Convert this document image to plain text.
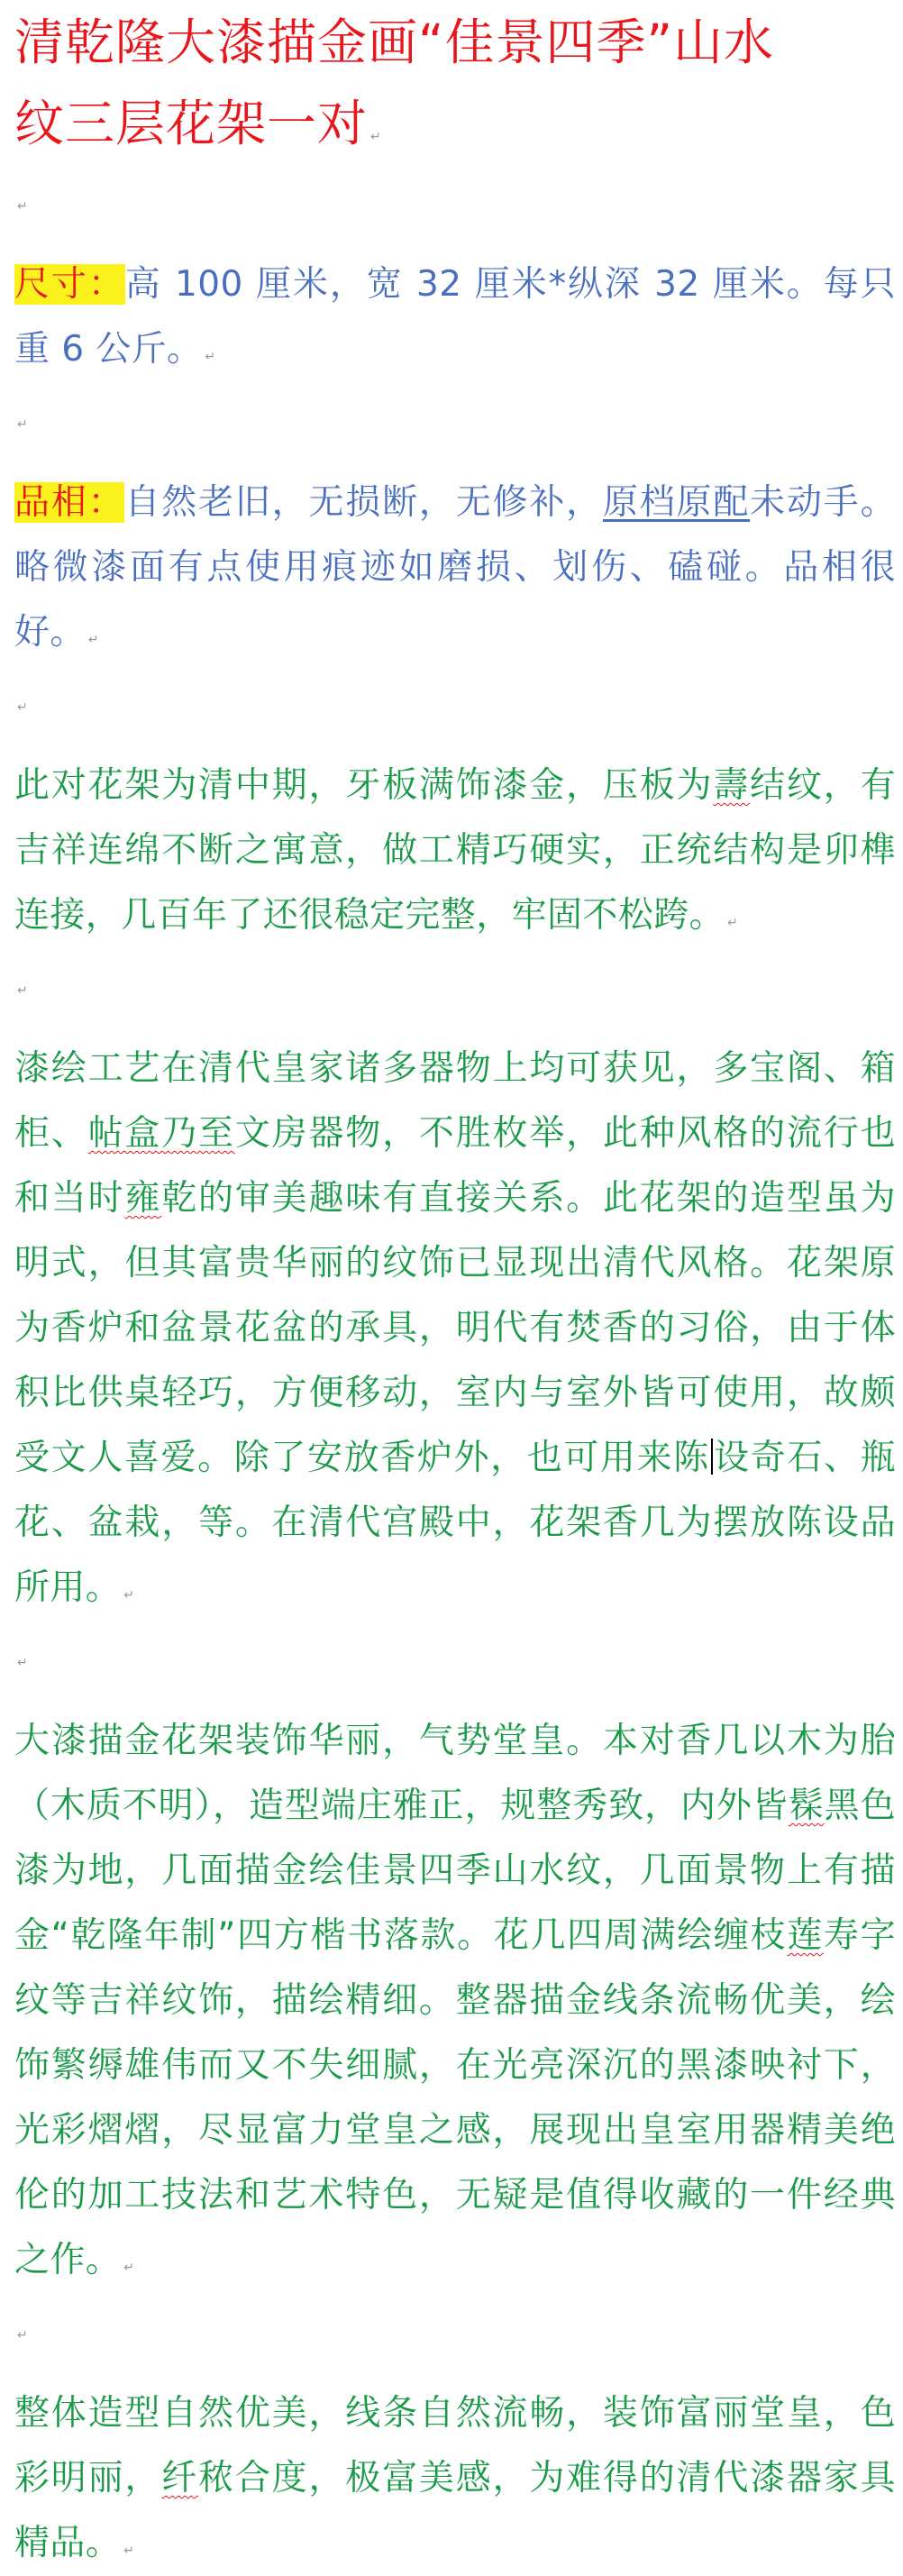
清乾隆大漆描金画“佳景四季”山水
纹三层花架一对 ↵
↵

尺寸：高 100 厘米，宽 32 厘米*纵深 32 厘米。每只重 6 公斤。 ↵

↵

品相：自然老旧，无损断，无修补，原档原配未动手。略微漆面有点使用痕迹如磨损、划伤、磕碰。品相很好。 ↵

↵

此对花架为清中期，牙板满饰漆金，压板为壽结纹，有吉祥连绵不断之寓意，做工精巧硬实，正统结构是卯榫连接，几百年了还很稳定完整，牢固不松跨。 ↵

↵

漆绘工艺在清代皇家诸多器物上均可获见，多宝阁、箱柜、帖盒乃至文房器物，不胜枚举，此种风格的流行也和当时雍乾的审美趣味有直接关系。此花架的造型虽为明式，但其富贵华丽的纹饰已显现出清代风格。花架原为香炉和盆景花盆的承具，明代有焚香的习俗，由于体积比供桌轻巧，方便移动，室内与室外皆可使用，故颇受文人喜爱。除了安放香炉外，也可用来陈设奇石、瓶花、盆栽，等。在清代宫殿中，花架香几为摆放陈设品所用。 ↵

↵

大漆描金花架装饰华丽，气势堂皇。本对香几以木为胎（木质不明），造型端庄雅正，规整秀致，内外皆髹黑色漆为地，几面描金绘佳景四季山水纹，几面景物上有描金“乾隆年制”四方楷书落款。花几四周满绘缠枝莲寿字纹等吉祥纹饰，描绘精细。整器描金线条流畅优美，绘饰繁缛雄伟而又不失细腻，在光亮深沉的黑漆映衬下，光彩熠熠，尽显富力堂皇之感，展现出皇室用器精美绝伦的加工技法和艺术特色，无疑是值得收藏的一件经典之作。 ↵

↵

整体造型自然优美，线条自然流畅，装饰富丽堂皇，色彩明丽，纤秾合度，极富美感，为难得的清代漆器家具精品。 ↵
